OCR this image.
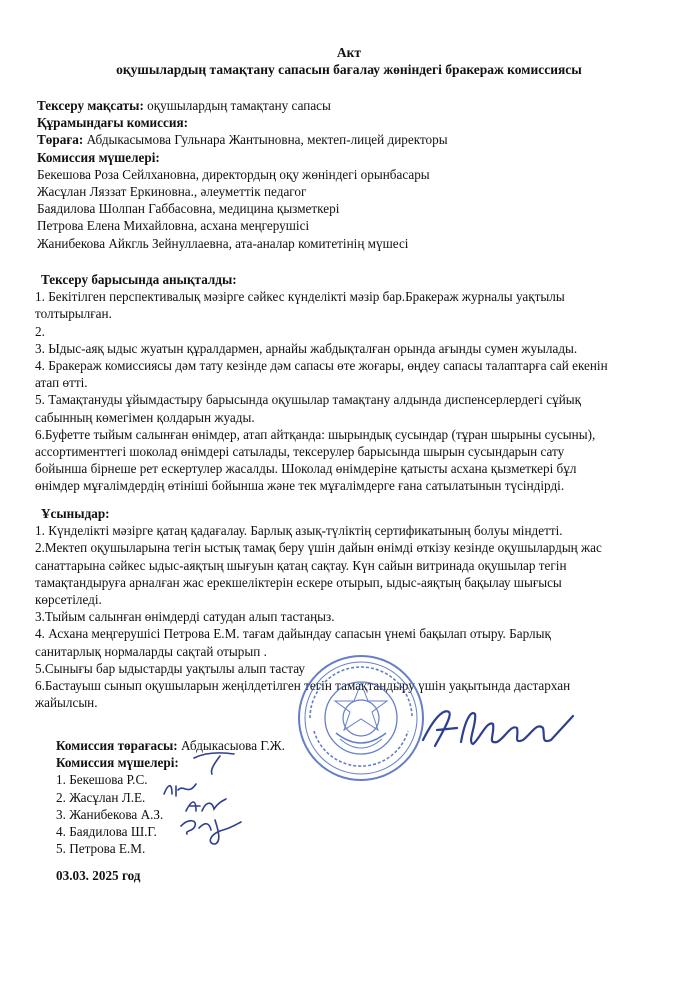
Акт
оқушылардың тамақтану сапасын бағалау жөніндегі бракераж комиссиясы
Тексеру мақсаты: оқушылардың тамақтану сапасы
Құрамындағы комиссия:
Төраға: Абдыкасымова Гульнара Жантыновна, мектеп-лицей директоры
Комиссия мүшелері:
Бекешова Роза Сейлхановна, директордың оқу жөніндегі орынбасары
Жасұлан Ляззат Еркиновна., әлеуметтік педагог
Баядилова Шолпан Габбасовна, медицина қызметкері
Петрова Елена Михайловна, асхана меңгерушісі
Жанибекова Айкгль Зейнуллаевна, ата-аналар комитетінің мүшесі
Тексеру барысында анықталды:
1. Бекітілген перспективалық мәзірге сәйкес күнделікті мәзір бар.Бракераж журналы уақтылы
толтырылған.
2.
3. Ыдыс-аяқ ыдыс жуатын құралдармен, арнайы жабдықталған орында ағынды сумен жуылады.
4. Бракераж комиссиясы дәм тату кезінде дәм сапасы өте жоғары, өңдеу сапасы талаптарға сай екенін
атап өтті.
5. Тамақтануды ұйымдастыру барысында оқушылар тамақтану алдында диспенсерлердегі сұйық
сабынның көмегімен қолдарын жуады.
6.Буфетте тыйым салынған өнімдер, атап айтқанда: шырындық сусындар (тұран шырыны сусыны),
ассортименттегі шоколад өнімдері сатылады, тексерулер барысында шырын сусындарын сату
бойынша бірнеше рет ескертулер жасалды. Шоколад өнімдеріне қатысты асхана қызметкері бұл
өнімдер мұғалімдердің өтініші бойынша және тек мұғалімдерге ғана сатылатынын түсіндірді.
Ұсыныдар:
1. Күнделікті мәзірге қатаң қадағалау. Барлық азық-түліктің сертификатының болуы міндетті.
2.Мектеп оқушыларына тегін ыстық тамақ беру үшін дайын өнімді өткізу кезінде оқушылардың жас
санаттарына сәйкес ыдыс-аяқтың шығуын қатаң сақтау. Күн сайын витринада оқушылар тегін
тамақтандыруға арналған жас ерекшеліктерін ескере отырып, ыдыс-аяқтың бақылау шығысы
көрсетіледі.
3.Тыйым салынған өнімдерді сатудан алып тастаңыз.
4. Асхана меңгерушісі Петрова Е.М. тағам дайындау сапасын үнемі бақылап отыру. Барлық
санитарлық нормаларды сақтай отырып .
5.Сынығы бар ыдыстарды уақтылы алып тастау
6.Бастауыш сынып оқушыларын жеңілдетілген тегін тамақтандыру үшін уақытында дастархан
жайылсын.
Комиссия төрағасы: Абдыкасыова Г.Ж.
Комиссия мүшелері:
1. Бекешова Р.С.
2. Жасұлан Л.Е.
3. Жанибекова А.З.
4. Баядилова Ш.Г.
5. Петрова Е.М.
03.03. 2025 год
